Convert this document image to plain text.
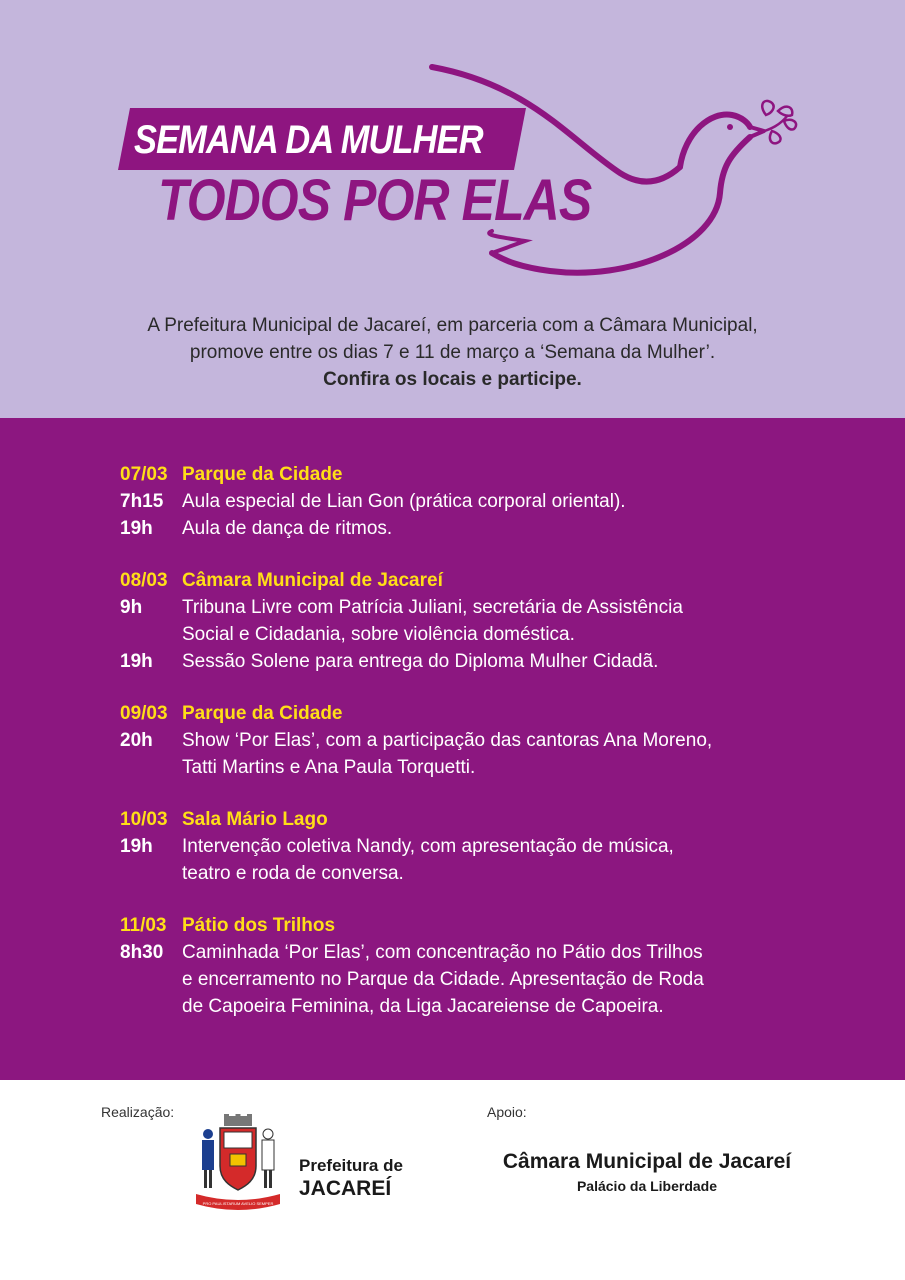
SEMANA DA MULHER
TODOS POR ELAS
A Prefeitura Municipal de Jacareí, em parceria com a Câmara Municipal,
promove entre os dias 7 e 11 de março a ‘Semana da Mulher’.
Confira os locais e participe.
07/03 Parque da Cidade
7h15 Aula especial de Lian Gon (prática corporal oriental).
19h	Aula de dança de ritmos.
08/03 Câmara Municipal de Jacareí
9h	Tribuna Livre com Patrícia Juliani, secretária de Assistência
Social e Cidadania, sobre violência doméstica.
19h	Sessão Solene para entrega do Diploma Mulher Cidadã.
09/03 Parque da Cidade
20h	Show ‘Por Elas’, com a participação das cantoras Ana Moreno,
Tatti Martins e Ana Paula Torquetti.
10/03 Sala Mário Lago
19h	Intervenção coletiva Nandy, com apresentação de música,
teatro e roda de conversa.
11/03 Pátio dos Trilhos
8h30 Caminhada ‘Por Elas’, com concentração no Pátio dos Trilhos
e encerramento no Parque da Cidade. Apresentação de Roda
de Capoeira Feminina, da Liga Jacareiense de Capoeira.
Realização:	Apoio:
PRO PAULISTARUM AVELIO SEMPER
Prefeitura de
JACAREÍ
Câmara Municipal de Jacareí
Palácio da Liberdade
